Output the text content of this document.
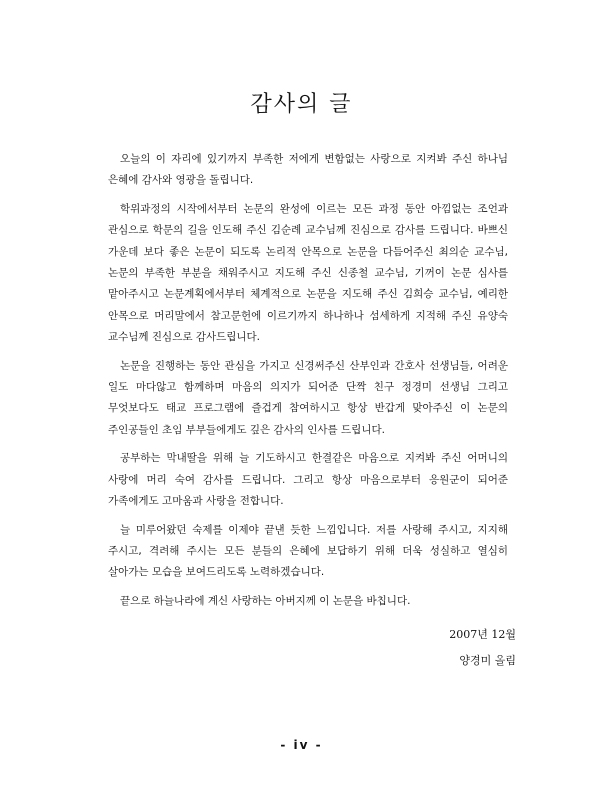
감사의 글

오늘의 이 자리에 있기까지 부족한 저에게 변함없는 사랑으로 지켜봐 주신 하나님 은혜에 감사와 영광을 돌립니다.

학위과정의 시작에서부터 논문의 완성에 이르는 모든 과정 동안 아낌없는 조언과 관심으로 학문의 길을 인도해 주신 김순례 교수님께 진심으로 감사를 드립니다. 바쁘신 가운데 보다 좋은 논문이 되도록 논리적 안목으로 논문을 다듬어주신 최의순 교수님, 논문의 부족한 부분을 채워주시고 지도해 주신 신종철 교수님, 기꺼이 논문 심사를 맡아주시고 논문계획에서부터 체계적으로 논문을 지도해 주신 김희승 교수님, 예리한 안목으로 머리말에서 참고문헌에 이르기까지 하나하나 섬세하게 지적해 주신 유양숙 교수님께 진심으로 감사드립니다.

논문을 진행하는 동안 관심을 가지고 신경써주신 산부인과 간호사 선생님들, 어려운 일도 마다않고 함께하며 마음의 의지가 되어준 단짝 친구 정경미 선생님 그리고 무엇보다도 태교 프로그램에 즐겁게 참여하시고 항상 반갑게 맞아주신 이 논문의 주인공들인 초임 부부들에게도 깊은 감사의 인사를 드립니다.

공부하는 막내딸을 위해 늘 기도하시고 한결같은 마음으로 지켜봐 주신 어머니의 사랑에 머리 숙여 감사를 드립니다. 그리고 항상 마음으로부터 응원군이 되어준 가족에게도 고마움과 사랑을 전합니다.

늘 미루어왔던 숙제를 이제야 끝낸 듯한 느낌입니다. 저를 사랑해 주시고, 지지해 주시고, 격려해 주시는 모든 분들의 은혜에 보답하기 위해 더욱 성실하고 열심히 살아가는 모습을 보여드리도록 노력하겠습니다.

끝으로 하늘나라에 계신 사랑하는 아버지께 이 논문을 바칩니다.

2007년 12월
양경미 올림
- iv -
